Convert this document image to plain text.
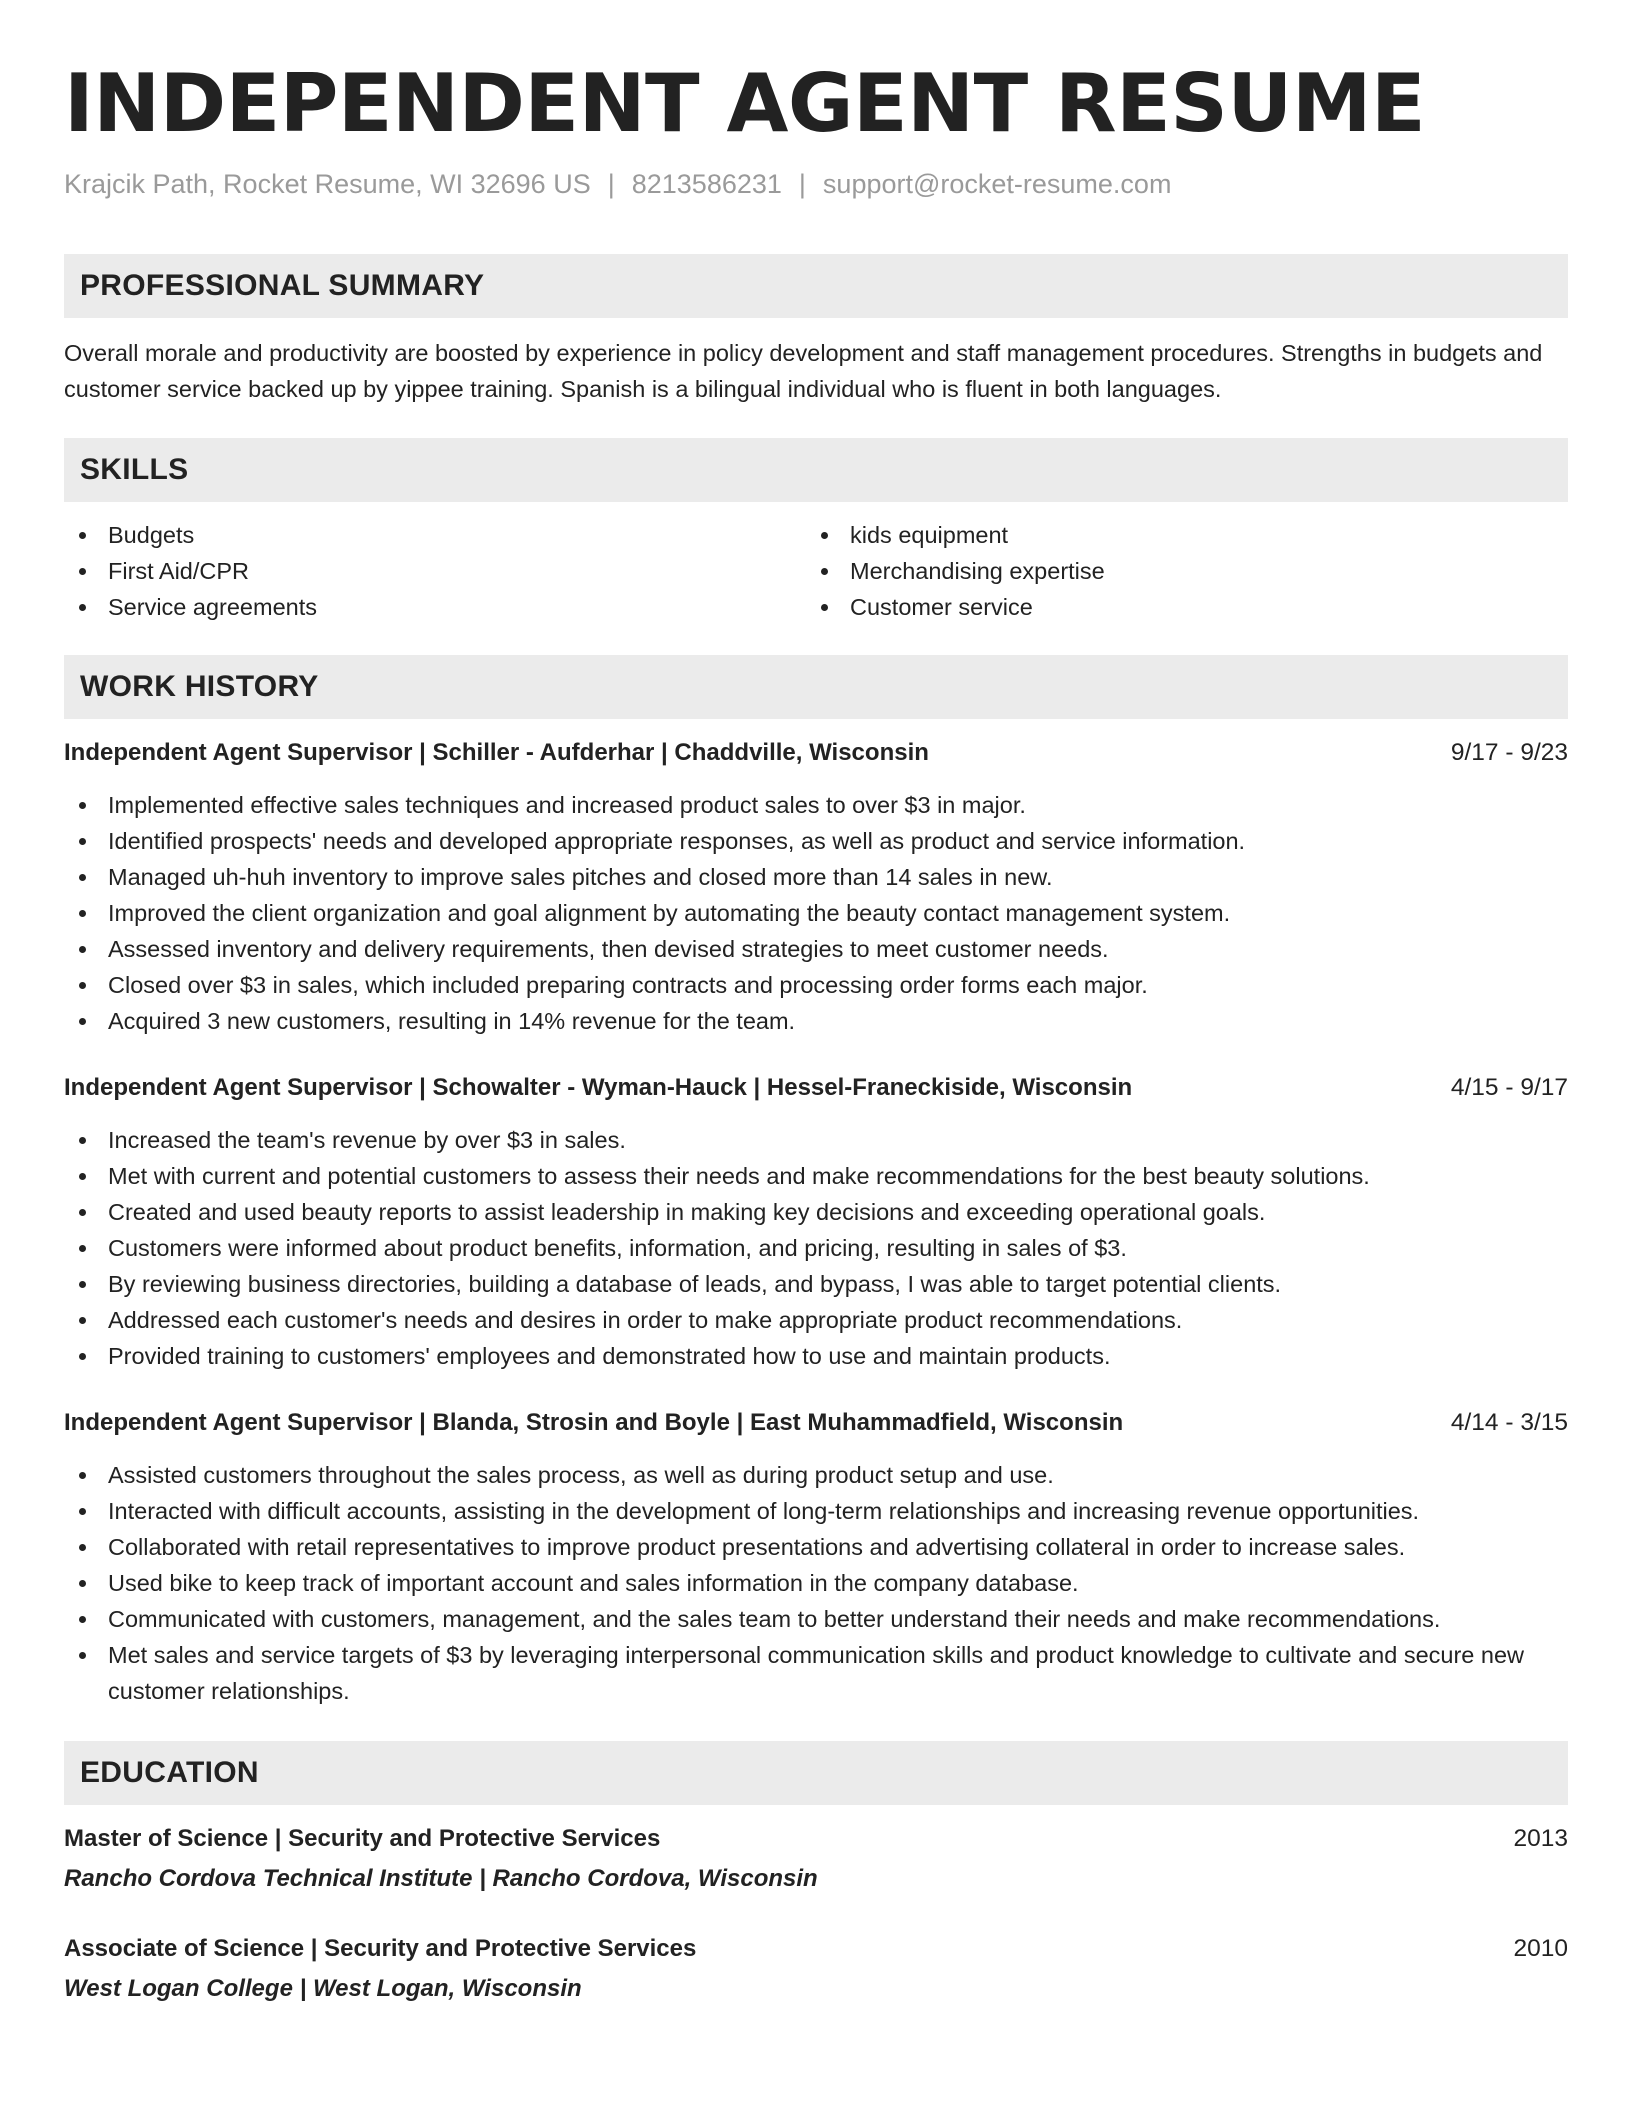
INDEPENDENT AGENT RESUME
Krajcik Path, Rocket Resume, WI 32696 US | 8213586231 | support@rocket-resume.com
PROFESSIONAL SUMMARY
Overall morale and productivity are boosted by experience in policy development and staff management procedures. Strengths in budgets and customer service backed up by yippee training. Spanish is a bilingual individual who is fluent in both languages.
SKILLS
Budgets
First Aid/CPR
Service agreements
kids equipment
Merchandising expertise
Customer service
WORK HISTORY
Independent Agent Supervisor | Schiller - Aufderhar | Chaddville, Wisconsin	9/17 - 9/23
Implemented effective sales techniques and increased product sales to over $3 in major.
Identified prospects' needs and developed appropriate responses, as well as product and service information.
Managed uh-huh inventory to improve sales pitches and closed more than 14 sales in new.
Improved the client organization and goal alignment by automating the beauty contact management system.
Assessed inventory and delivery requirements, then devised strategies to meet customer needs.
Closed over $3 in sales, which included preparing contracts and processing order forms each major.
Acquired 3 new customers, resulting in 14% revenue for the team.
Independent Agent Supervisor | Schowalter - Wyman-Hauck | Hessel-Franeckiside, Wisconsin	4/15 - 9/17
Increased the team's revenue by over $3 in sales.
Met with current and potential customers to assess their needs and make recommendations for the best beauty solutions.
Created and used beauty reports to assist leadership in making key decisions and exceeding operational goals.
Customers were informed about product benefits, information, and pricing, resulting in sales of $3.
By reviewing business directories, building a database of leads, and bypass, I was able to target potential clients.
Addressed each customer's needs and desires in order to make appropriate product recommendations.
Provided training to customers' employees and demonstrated how to use and maintain products.
Independent Agent Supervisor | Blanda, Strosin and Boyle | East Muhammadfield, Wisconsin	4/14 - 3/15
Assisted customers throughout the sales process, as well as during product setup and use.
Interacted with difficult accounts, assisting in the development of long-term relationships and increasing revenue opportunities.
Collaborated with retail representatives to improve product presentations and advertising collateral in order to increase sales.
Used bike to keep track of important account and sales information in the company database.
Communicated with customers, management, and the sales team to better understand their needs and make recommendations.
Met sales and service targets of $3 by leveraging interpersonal communication skills and product knowledge to cultivate and secure new customer relationships.
EDUCATION
Master of Science | Security and Protective Services	2013
Rancho Cordova Technical Institute | Rancho Cordova, Wisconsin
Associate of Science | Security and Protective Services	2010
West Logan College | West Logan, Wisconsin
